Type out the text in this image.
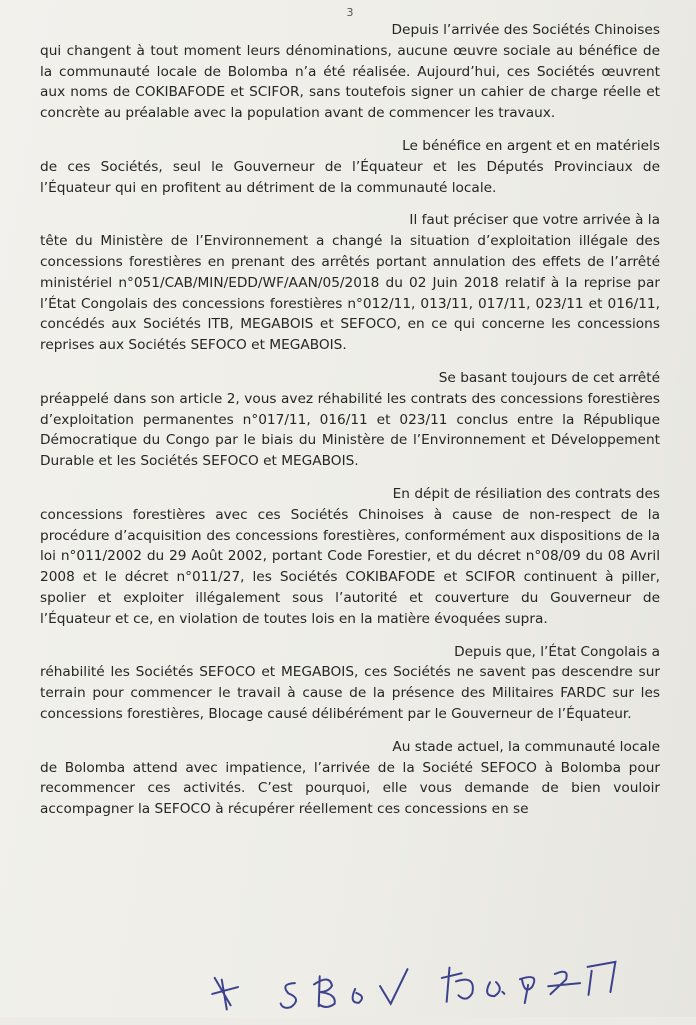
3

Depuis l’arrivée des Sociétés Chinoises
qui changent à tout moment leurs dénominations, aucune œuvre sociale au bénéfice de la communauté locale de Bolomba n’a été réalisée. Aujourd’hui, ces Sociétés œuvrent aux noms de COKIBAFODE et SCIFOR, sans toutefois signer un cahier de charge réelle et concrète au préalable avec la population avant de commencer les travaux.

Le bénéfice en argent et en matériels
de ces Sociétés, seul le Gouverneur de l’Équateur et les Députés Provinciaux de l’Équateur qui en profitent au détriment de la communauté locale.

Il faut préciser que votre arrivée à la
tête du Ministère de l’Environnement a changé la situation d’exploitation illégale des concessions forestières en prenant des arrêtés portant annulation des effets de l’arrêté ministériel n°051/CAB/MIN/EDD/WF/AAN/05/2018 du 02 Juin 2018 relatif à la reprise par l’État Congolais des concessions forestières n°012/11, 013/11, 017/11, 023/11 et 016/11, concédés aux Sociétés ITB, MEGABOIS et SEFOCO, en ce qui concerne les concessions reprises aux Sociétés SEFOCO et MEGABOIS.

Se basant toujours de cet arrêté
préappelé dans son article 2, vous avez réhabilité les contrats des concessions forestières d’exploitation permanentes n°017/11, 016/11 et 023/11 conclus entre la République Démocratique du Congo par le biais du Ministère de l’Environnement et Développement Durable et les Sociétés SEFOCO et MEGABOIS.

En dépit de résiliation des contrats des
concessions forestières avec ces Sociétés Chinoises à cause de non-respect de la procédure d’acquisition des concessions forestières, conformément aux dispositions de la loi n°011/2002 du 29 Août 2002, portant Code Forestier, et du décret n°08/09 du 08 Avril 2008 et le décret n°011/27, les Sociétés COKIBAFODE et SCIFOR continuent à piller, spolier et exploiter illégalement sous l’autorité et couverture du Gouverneur de l’Équateur et ce, en violation de toutes lois en la matière évoquées supra.

Depuis que, l’État Congolais a
réhabilité les Sociétés SEFOCO et MEGABOIS, ces Sociétés ne savent pas descendre sur terrain pour commencer le travail à cause de la présence des Militaires FARDC sur les concessions forestières, Blocage causé délibérément par le Gouverneur de l’Équateur.

Au stade actuel, la communauté locale
de Bolomba attend avec impatience, l’arrivée de la Société SEFOCO à Bolomba pour recommencer ces activités. C’est pourquoi, elle vous demande de bien vouloir accompagner la SEFOCO à récupérer réellement ces concessions en se
